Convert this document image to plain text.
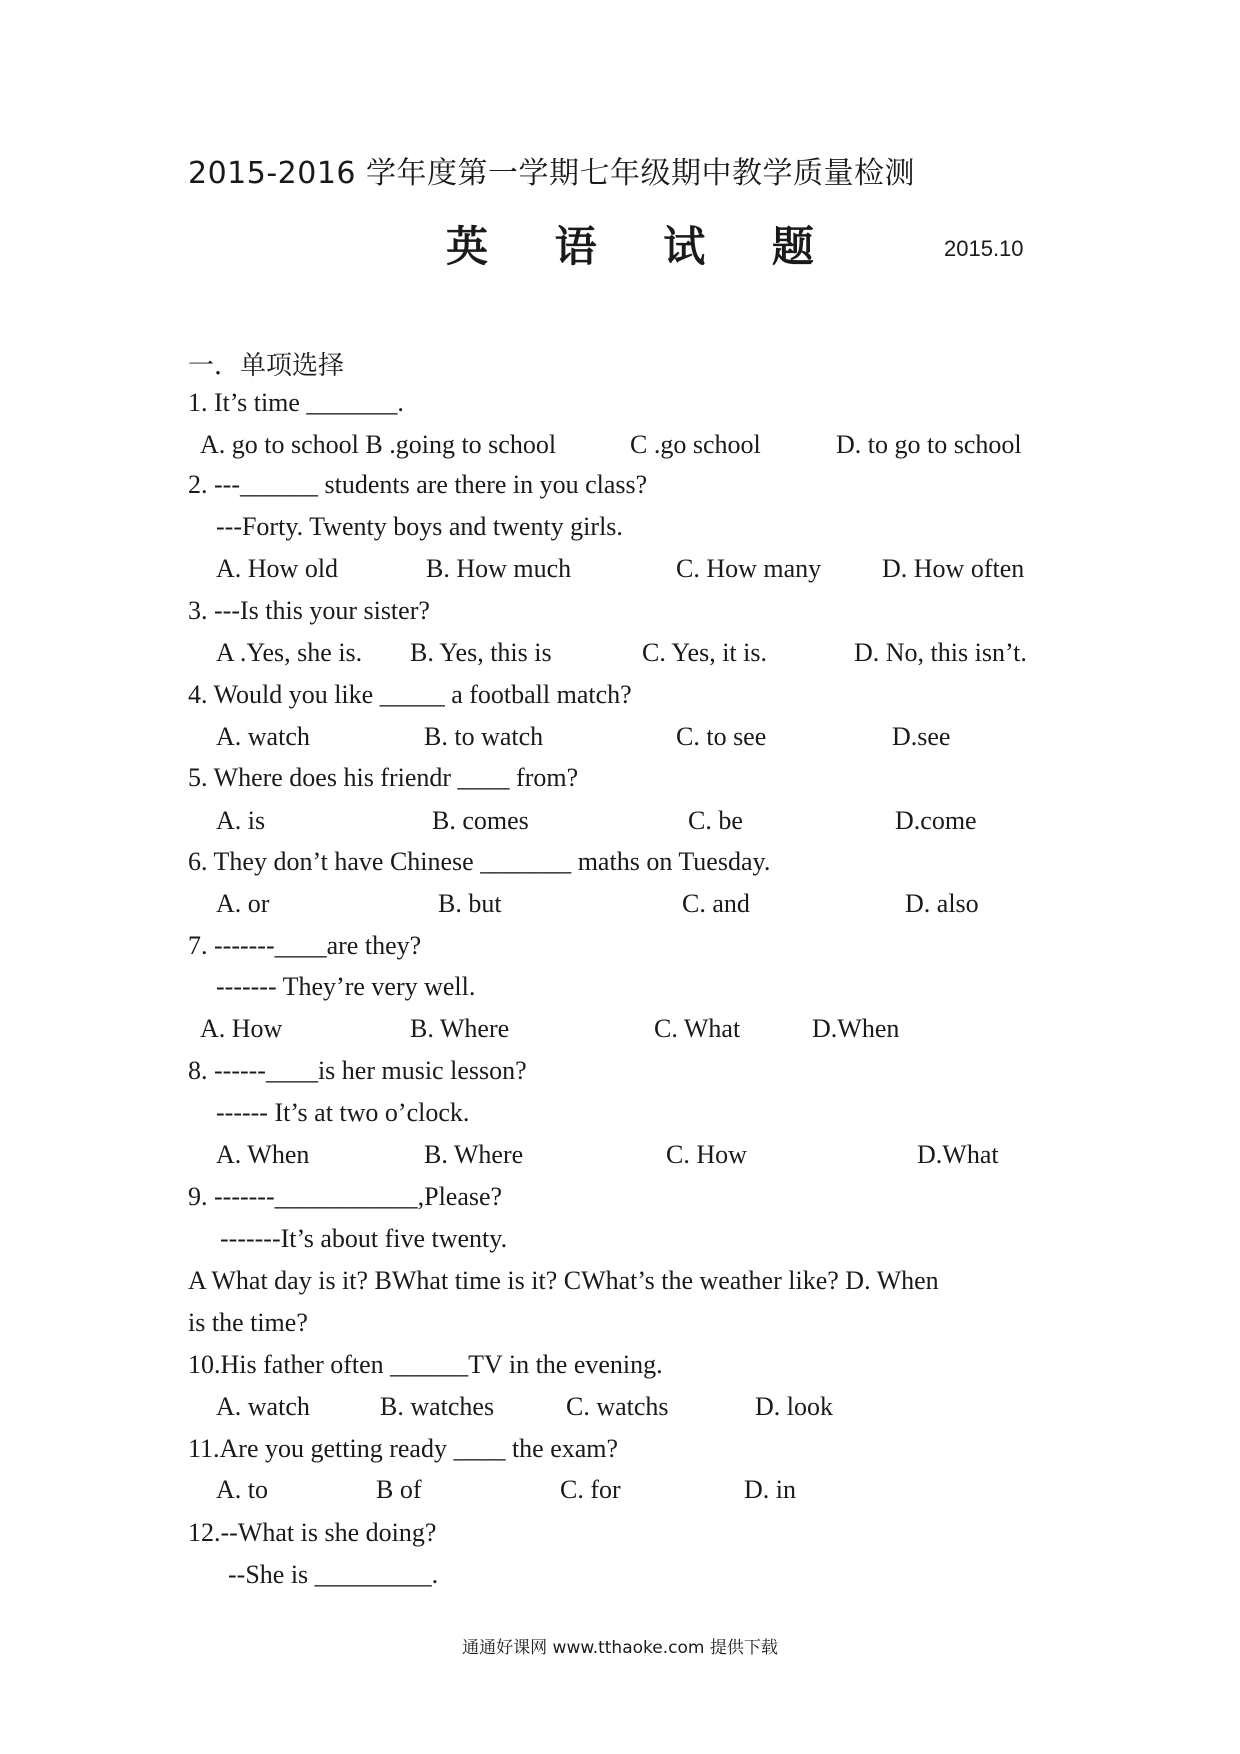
2015-2016 学年度第一学期七年级期中教学质量检测
英 语 试 题	2015.10
一．单项选择
1. It’s time _______.
A. go to school B .going to school	C .go school	D. to go to school
2. ---______ students are there in you class?
---Forty. Twenty boys and twenty girls.
A. How old	B. How much	C. How many D. How often
3. ---Is this your sister?
A .Yes, she is. B. Yes, this is	C. Yes, it is.	D. No, this isn’t.
4. Would you like _____ a football match?
A. watch	B. to watch	C. to see	D.see
5. Where does his friendr ____ from?
A. is	B. comes	C. be	D.come
6. They don’t have Chinese _______ maths on Tuesday.
A. or	B. but	C. and	D. also
7. -------____are they?
------- They’re very well.
A. How	B. Where	C. What	D.When
8. ------____is her music lesson?
------ It’s at two o’clock.
A. When	B. Where	C. How	D.What
9. -------___________,Please?
-------It’s about five twenty.
A What day is it? BWhat time is it? CWhat’s the weather like? D. When
is the time?
10.His father often ______TV in the evening.
A. watch	B. watches	C. watchs	D. look
11.Are you getting ready ____ the exam?
A. to	B of	C. for	D. in
12.--What is she doing?
--She is _________.
通通好课网 www.tthaoke.com 提供下载
